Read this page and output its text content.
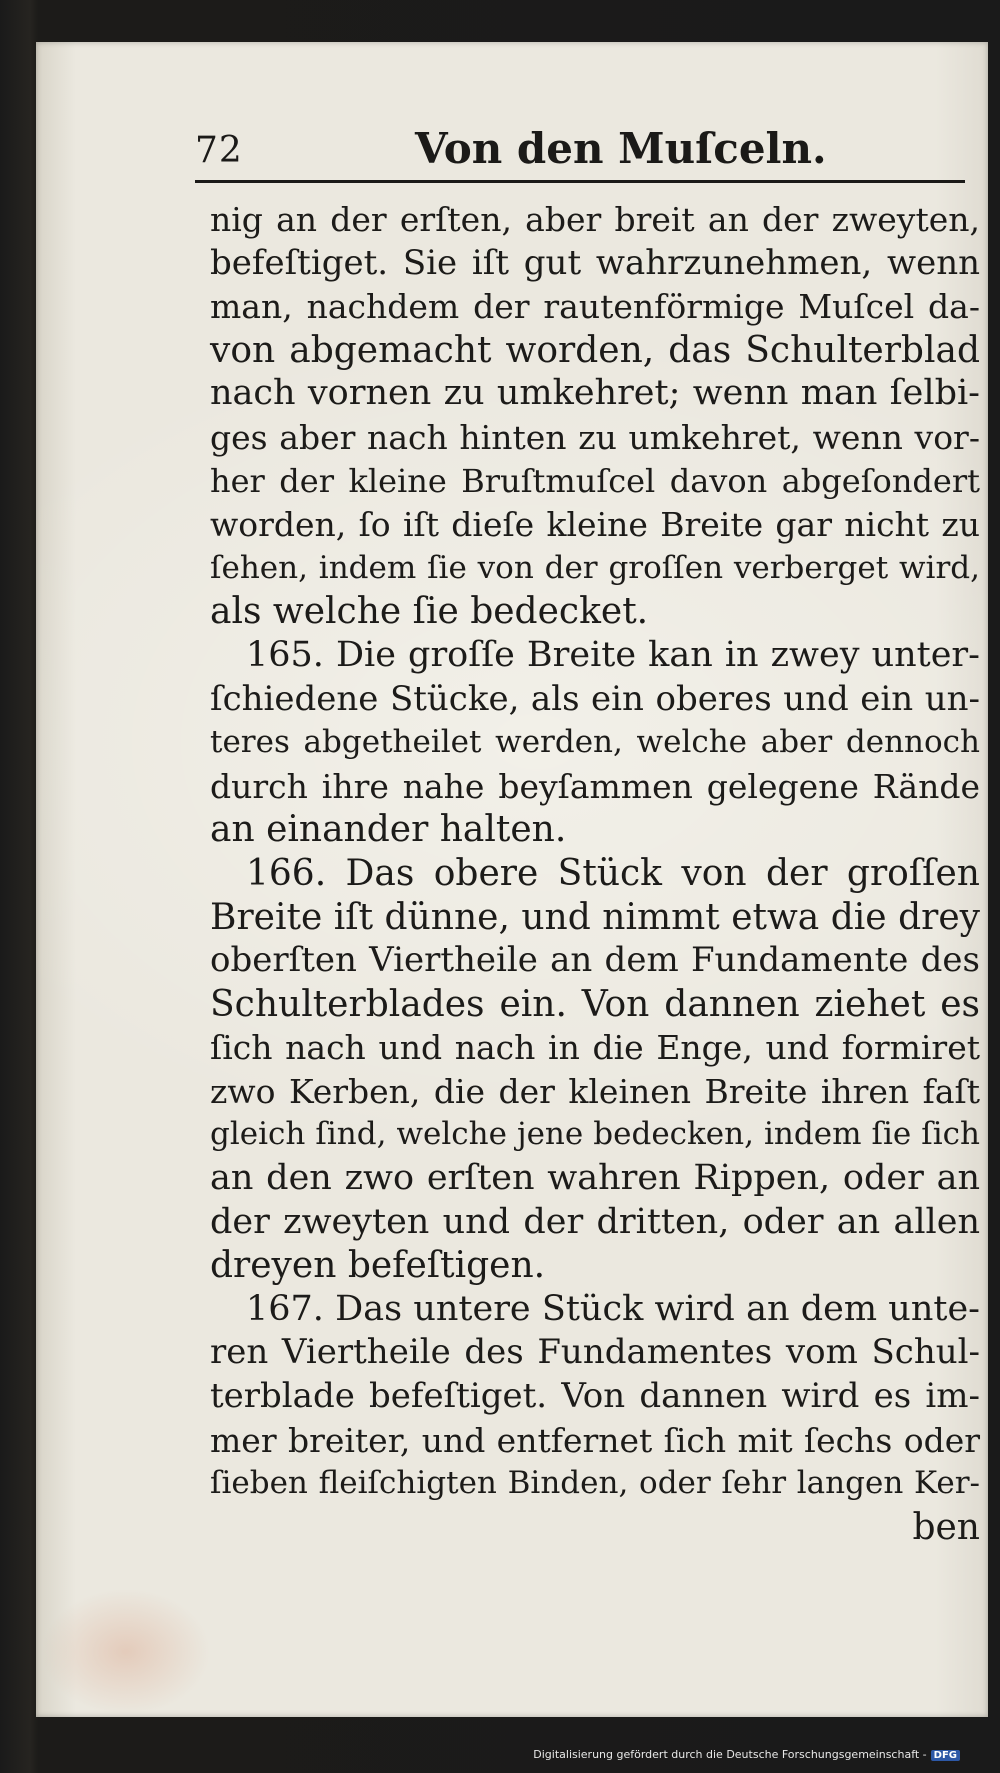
72	Von den Muſceln.
nig an der erſten, aber breit an der zweyten,
befeſtiget. Sie iſt gut wahrzunehmen, wenn
man, nachdem der rautenförmige Muſcel da-
von abgemacht worden, das Schulterblad
nach vornen zu umkehret; wenn man ſelbi-
ges aber nach hinten zu umkehret, wenn vor-
her der kleine Bruſtmuſcel davon abgeſondert
worden, ſo iſt dieſe kleine Breite gar nicht zu
ſehen, indem ſie von der groſſen verberget wird,
als welche ſie bedecket.
165. Die groſſe Breite kan in zwey unter-
ſchiedene Stücke, als ein oberes und ein un-
teres abgetheilet werden, welche aber dennoch
durch ihre nahe beyſammen gelegene Rände
an einander halten.
166. Das obere Stück von der groſſen
Breite iſt dünne, und nimmt etwa die drey
oberſten Viertheile an dem Fundamente des
Schulterblades ein. Von dannen ziehet es
ſich nach und nach in die Enge, und formiret
zwo Kerben, die der kleinen Breite ihren faſt
gleich ſind, welche jene bedecken, indem ſie ſich
an den zwo erſten wahren Rippen, oder an
der zweyten und der dritten, oder an allen
dreyen befeſtigen.
167. Das untere Stück wird an dem unte-
ren Viertheile des Fundamentes vom Schul-
terblade befeſtiget. Von dannen wird es im-
mer breiter, und entfernet ſich mit ſechs oder
ſieben fleiſchigten Binden, oder ſehr langen Ker-
ben
Digitalisierung gefördert durch die Deutsche Forschungsgemeinschaft - DFG
